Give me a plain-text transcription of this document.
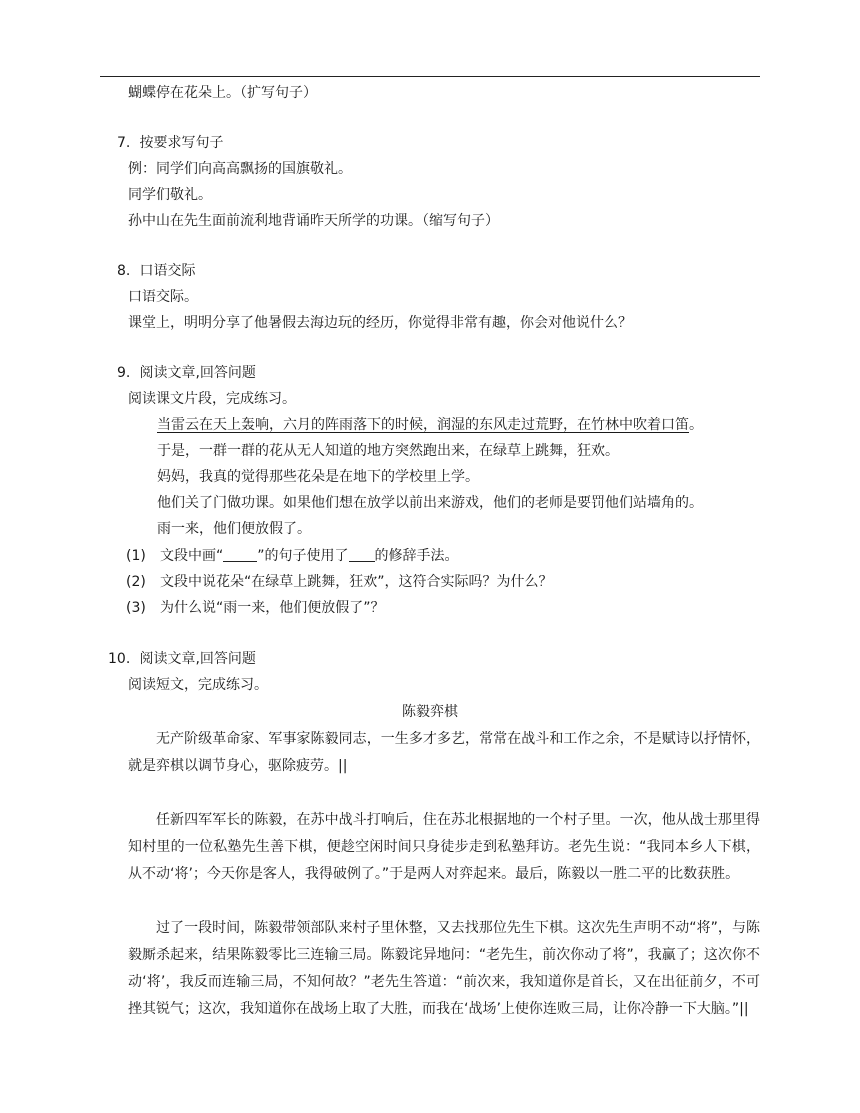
蝴蝶停在花朵上。（扩写句子）
7. 按要求写句子
例：同学们向高高飘扬的国旗敬礼。
同学们敬礼。
孙中山在先生面前流利地背诵昨天所学的功课。（缩写句子）
8. 口语交际
口语交际。
课堂上，明明分享了他暑假去海边玩的经历，你觉得非常有趣，你会对他说什么？
9. 阅读文章,回答问题
阅读课文片段，完成练习。
当雷云在天上轰响，六月的阵雨落下的时候，润湿的东风走过荒野，在竹林中吹着口笛。
于是，一群一群的花从无人知道的地方突然跑出来，在绿草上跳舞，狂欢。
妈妈，我真的觉得那些花朵是在地下的学校里上学。
他们关了门做功课。如果他们想在放学以前出来游戏，他们的老师是要罚他们站墙角的。
雨一来，他们便放假了。
(1) 文段中画“ ”的句子使用了 的修辞手法。
(2) 文段中说花朵“在绿草上跳舞，狂欢”，这符合实际吗？为什么？
(3) 为什么说“雨一来，他们便放假了”？
10. 阅读文章,回答问题
阅读短文，完成练习。
陈毅弈棋
无产阶级革命家、军事家陈毅同志，一生多才多艺，常常在战斗和工作之余，不是赋诗以抒情怀，就是弈棋以调节身心，驱除疲劳。||
任新四军军长的陈毅，在苏中战斗打响后，住在苏北根据地的一个村子里。一次，他从战士那里得知村里的一位私塾先生善下棋，便趁空闲时间只身徒步走到私塾拜访。老先生说：“我同本乡人下棋，从不动‘将’；今天你是客人，我得破例了。”于是两人对弈起来。最后，陈毅以一胜二平的比数获胜。
过了一段时间，陈毅带领部队来村子里休整，又去找那位先生下棋。这次先生声明不动“将”，与陈毅厮杀起来，结果陈毅零比三连输三局。陈毅诧异地问：“老先生，前次你动了将”，我赢了；这次你不动‘将’，我反而连输三局，不知何故？”老先生答道：“前次来，我知道你是首长，又在出征前夕，不可挫其锐气；这次，我知道你在战场上取了大胜，而我在‘战场’上使你连败三局，让你冷静一下大脑。”||
